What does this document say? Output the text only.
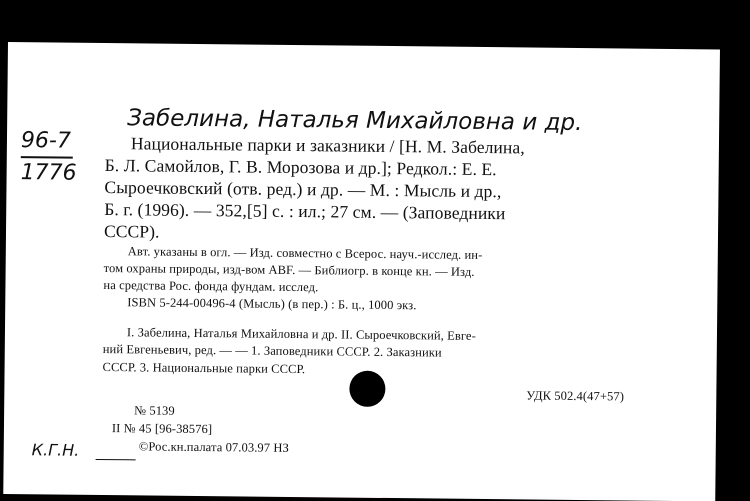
96-7
1776
Забелина, Наталья Михайловна и др.
Национальные парки и заказники / [Н. М. Забелина,
Б. Л. Самойлов, Г. В. Морозова и др.]; Редкол.: Е. Е.
Сыроечковский (отв. ред.) и др. — М. : Мысль и др.,
Б. г. (1996). — 352,[5] с. : ил.; 27 см. — (Заповедники
СССР).
Авт. указаны в огл. — Изд. совместно с Всерос. науч.-исслед. ин-
том охраны природы, изд-вом ABF. — Библиогр. в конце кн. — Изд.
на средства Рос. фонда фундам. исслед.
ISBN 5-244-00496-4 (Мысль) (в пер.) : Б. ц., 1000 экз.
I. Забелина, Наталья Михайловна и др. II. Сыроечковский, Евге-
ний Евгеньевич, ред. — — 1. Заповедники СССР. 2. Заказники
СССР. 3. Национальные парки СССР.
УДК 502.4(47+57)
№ 5139
II № 45 [96-38576]
©Рос.кн.палата 07.03.97 НЗ
К.Г.Н.
